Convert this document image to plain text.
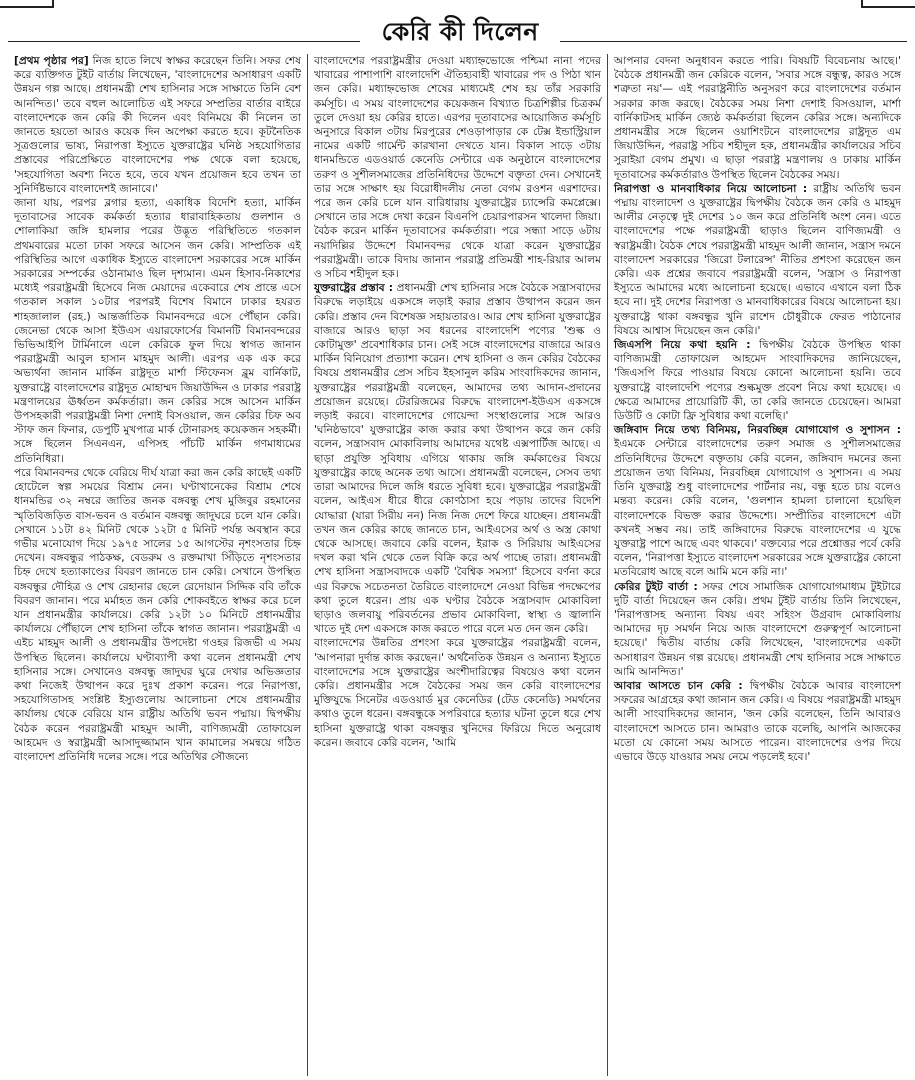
কেরি কী দিলেন

[প্রথম পৃষ্ঠার পর] নিজ হাতে লিখে স্বাক্ষর করেছেন তিনি। সফর শেষ করে ব্যক্তিগত টুইট বার্তায় লিখেছেন, 'বাংলাদেশের অসাধারণ একটি উন্নয়ন গল্প আছে। প্রধানমন্ত্রী শেখ হাসিনার সঙ্গে সাক্ষাতে তিনি বেশ আনন্দিত।' তবে বহুল আলোচিত এই সফরে সম্প্রতির বার্তার বাইরে বাংলাদেশকে জন কেরি কী দিলেন এবং বিনিময়ে কী নিলেন তা জানতে হয়তো আরও কয়েক দিন অপেক্ষা করতে হবে। কূটনৈতিক সূত্রগুলোর ভাষ্য, নিরাপত্তা ইস্যুতে যুক্তরাষ্ট্রের ঘনিষ্ঠ সহযোগিতার প্রস্তাবের পরিপ্রেক্ষিতে বাংলাদেশের পক্ষ থেকে বলা হয়েছে, 'সহযোগিতা অবশ্য নিতে হবে, তবে যখন প্রয়োজন হবে তখন তা সুনির্দিষ্টভাবে বাংলাদেশই জানাবে।'

জানা যায়, পরপর ব্লগার হত্যা, একাধিক বিদেশি হত্যা, মার্কিন দূতাবাসের সাবেক কর্মকর্তা হত্যার ধারাবাহিকতায় গুলশান ও শোলাকিয়া জঙ্গি হামলার পরের উদ্ভূত পরিস্থিতিতে গতকাল প্রথমবারের মতো ঢাকা সফরে আসেন জন কেরি। সাম্প্রতিক এই পরিস্থিতির আগে একাধিক ইস্যুতে বাংলাদেশ সরকারের সঙ্গে মার্কিন সরকারের সম্পর্কের ওঠানামাও ছিল দৃশ্যমান। এমন হিসাব-নিকাশের মধ্যেই পররাষ্ট্রমন্ত্রী হিসেবে নিজ মেয়াদের একেবারে শেষ প্রান্তে এসে গতকাল সকাল ১০টার পরপরই বিশেষ বিমানে ঢাকার হযরত শাহজালাল (রহ.) আন্তর্জাতিক বিমানবন্দরে এসে পৌঁছান কেরি। জেনেভা থেকে আসা ইউএস এয়ারফোর্সের বিমানটি বিমানবন্দরের ভিভিআইপি টার্মিনালে এলে কেরিকে ফুল দিয়ে স্বাগত জানান পররাষ্ট্রমন্ত্রী আবুল হাসান মাহমুদ আলী। এরপর এক এক করে অভ্যর্থনা জানান মার্কিন রাষ্ট্রদূত মার্শা স্টিফেনস ব্লুম বার্নিকাট, যুক্তরাষ্ট্রে বাংলাদেশের রাষ্ট্রদূত মোহাম্মদ জিয়াউদ্দিন ও ঢাকার পররাষ্ট্র মন্ত্রণালয়ের ঊর্ধ্বতন কর্মকর্তারা। জন কেরির সঙ্গে আসেন মার্কিন উপসহকারী পররাষ্ট্রমন্ত্রী নিশা দেশাই বিসওয়াল, জন কেরির চিফ অব স্টাফ জন ফিনার, ডেপুটি মুখপাত্র মার্ক টোনারসহ কয়েকজন সহকর্মী। সঙ্গে ছিলেন সিএনএন, এপিসহ পাঁচটি মার্কিন গণমাধ্যমের প্রতিনিধিরা।

পরে বিমানবন্দর থেকে বেরিয়ে দীর্ঘ যাত্রা করা জন কেরি কাছেই একটি হোটেলে স্বল্প সময়ের বিশ্রাম নেন। ঘণ্টাখানেকের বিশ্রাম শেষে ধানমন্ডির ৩২ নম্বরে জাতির জনক বঙ্গবন্ধু শেখ মুজিবুর রহমানের স্মৃতিবিজড়িত বাস-ভবন ও বর্তমান বঙ্গবন্ধু জাদুঘরে চলে যান কেরি। সেখানে ১১টা ৪২ মিনিট থেকে ১২টা ৫ মিনিট পর্যন্ত অবস্থান করে গভীর মনোযোগ দিয়ে ১৯৭৫ সালের ১৫ আগস্টের নৃশংসতার চিহ্ন দেখেন। বঙ্গবন্ধুর পাঠকক্ষ, বেডরুম ও রক্তমাখা সিঁড়িতে নৃশংসতার চিহ্ন দেখে হত্যাকাণ্ডের বিবরণ জানতে চান কেরি। সেখানে উপস্থিত বঙ্গবন্ধুর দৌহিত্র ও শেখ রেহানার ছেলে রেদোয়ান সিদ্দিক ববি তাঁকে বিবরণ জানান। পরে মর্মাহত জন কেরি শোকবইতে স্বাক্ষর করে চলে যান প্রধানমন্ত্রীর কার্যালয়ে। কেরি ১২টা ১০ মিনিটে প্রধানমন্ত্রীর কার্যালয়ে পৌঁছালে শেখ হাসিনা তাঁকে স্বাগত জানান। পররাষ্ট্রমন্ত্রী এ এইচ মাহমুদ আলী ও প্রধানমন্ত্রীর উপদেষ্টা গওহর রিজভী এ সময় উপস্থিত ছিলেন। কার্যালয়ে ঘণ্টাব্যাপী কথা বলেন প্রধানমন্ত্রী শেখ হাসিনার সঙ্গে। সেখানেও বঙ্গবন্ধু জাদুঘর ঘুরে দেখার অভিজ্ঞতার কথা নিজেই উত্থাপন করে দুঃখ প্রকাশ করেন। পরে নিরাপত্তা, সহযোগিতাসহ সংশ্লিষ্ট ইস্যুগুলোয় আলোচনা শেষে প্রধানমন্ত্রীর কার্যালয় থেকে বেরিয়ে যান রাষ্ট্রীয় অতিথি ভবন পদ্মায়। দ্বিপক্ষীয় বৈঠক করেন পররাষ্ট্রমন্ত্রী মাহমুদ আলী, বাণিজ্যমন্ত্রী তোফায়েল আহমেদ ও স্বরাষ্ট্রমন্ত্রী আসাদুজ্জামান খান কামালের সমন্বয়ে গঠিত বাংলাদেশ প্রতিনিধি দলের সঙ্গে। পরে অতিথির সৌজন্যে

বাংলাদেশের পররাষ্ট্রমন্ত্রীর দেওয়া মধ্যাহ্নভোজে পশ্চিমা নানা পদের খাবারের পাশাপাশি বাংলাদেশি ঐতিহ্যবাহী খাবারের পদ ও পিঠা খান জন কেরি। মধ্যাহ্নভোজ শেষের মাধ্যমেই শেষ হয় তাঁর সরকারি কর্মসূচি। এ সময় বাংলাদেশের কয়েকজন বিখ্যাত চিত্রশিল্পীর চিত্রকর্ম তুলে দেওয়া হয় কেরির হাতে। এরপর দূতাবাসের আয়োজিত কর্মসূচি অনুসারে বিকাল ৩টায় মিরপুরের শেওড়াপাড়ার কে টেক্স ইন্ডাস্ট্রিয়াল নামের একটি গার্মেন্ট কারখানা দেখতে যান। বিকাল সাড়ে ৩টায় ধানমন্ডিতে এডওয়ার্ড কেনেডি সেন্টারে এক অনুষ্ঠানে বাংলাদেশের তরুণ ও সুশীলসমাজের প্রতিনিধিদের উদ্দেশে বক্তৃতা দেন। সেখানেই তার সঙ্গে সাক্ষাৎ হয় বিরোধীদলীয় নেতা বেগম রওশন এরশাদের। পরে জন কেরি চলে যান বারিধারায় যুক্তরাষ্ট্রের চ্যান্সেরি কমপ্লেক্সে। সেখানে তার সঙ্গে দেখা করেন বিএনপি চেয়ারপারসন খালেদা জিয়া। বৈঠক করেন মার্কিন দূতাবাসের কর্মকর্তারা। পরে সন্ধ্যা সাড়ে ৬টায় নয়াদিল্লির উদ্দেশে বিমানবন্দর থেকে যাত্রা করেন যুক্তরাষ্ট্রের পররাষ্ট্রমন্ত্রী। তাকে বিদায় জানান পররাষ্ট্র প্রতিমন্ত্রী শাহ-রিয়ার আলম ও সচিব শহীদুল হক।

যুক্তরাষ্ট্রের প্রস্তাব : প্রধানমন্ত্রী শেখ হাসিনার সঙ্গে বৈঠকে সন্ত্রাসবাদের বিরুদ্ধে লড়াইয়ে একসঙ্গে লড়াই করার প্রস্তাব উত্থাপন করেন জন কেরি। প্রস্তাব দেন বিশেষজ্ঞ সহায়তারও। আর শেখ হাসিনা যুক্তরাষ্ট্রের বাজারে আরও ছাড়া সব ধরনের বাংলাদেশি পণ্যের 'শুল্ক ও কোটামুক্ত' প্রবেশাধিকার চান। সেই সঙ্গে বাংলাদেশের বাজারে আরও মার্কিন বিনিয়োগ প্রত্যাশা করেন। শেখ হাসিনা ও জন কেরির বৈঠকের বিষয়ে প্রধানমন্ত্রীর প্রেস সচিব ইহসানুল করিম সাংবাদিকদের জানান, যুক্তরাষ্ট্রের পররাষ্ট্রমন্ত্রী বলেছেন, আমাদের তথ্য আদান-প্রদানের প্রয়োজন রয়েছে। টেররিজমের বিরুদ্ধে বাংলাদেশ-ইউএস একসঙ্গে লড়াই করবে। বাংলাদেশের গোয়েন্দা সংস্থাগুলোর সঙ্গে আরও 'ঘনিষ্ঠভাবে' যুক্তরাষ্ট্রের কাজ করার কথা উত্থাপন করে জন কেরি বলেন, সন্ত্রাসবাদ মোকাবিলায় আমাদের যথেষ্ট এক্সপার্টিজ আছে। এ ছাড়া প্রযুক্তি সুবিধায় এগিয়ে থাকায় জঙ্গি কর্মকাণ্ডের বিষয়ে যুক্তরাষ্ট্রের কাছে অনেক তথ্য আসে। প্রধানমন্ত্রী বলেছেন, সেসব তথ্য তারা আমাদের দিলে জঙ্গি ধরতে সুবিধা হবে। যুক্তরাষ্ট্রের পররাষ্ট্রমন্ত্রী বলেন, আইএস ধীরে ধীরে কোণঠাসা হয়ে পড়ায় তাদের বিদেশি যোদ্ধারা (যারা সিরীয় নন) নিজ নিজ দেশে ফিরে যাচ্ছেন। প্রধানমন্ত্রী তখন জন কেরির কাছে জানতে চান, আইএসের অর্থ ও অস্ত্র কোথা থেকে আসছে। জবাবে কেরি বলেন, ইরাক ও সিরিয়ায় আইএসের দখল করা খনি থেকে তেল বিক্রি করে অর্থ পাচ্ছে তারা। প্রধানমন্ত্রী শেখ হাসিনা সন্ত্রাসবাদকে একটি 'বৈশ্বিক সমস্যা' হিসেবে বর্ণনা করে এর বিরুদ্ধে সচেতনতা তৈরিতে বাংলাদেশে নেওয়া বিভিন্ন পদক্ষেপের কথা তুলে ধরেন। প্রায় এক ঘণ্টার বৈঠকে সন্ত্রাসবাদ মোকাবিলা ছাড়াও জলবায়ু পরিবর্তনের প্রভাব মোকাবিলা, স্বাস্থ্য ও জ্বালানি খাতে দুই দেশ একসঙ্গে কাজ করতে পারে বলে মত দেন জন কেরি।

বাংলাদেশের উন্নতির প্রশংসা করে যুক্তরাষ্ট্রের পররাষ্ট্রমন্ত্রী বলেন, 'আপনারা দুর্দান্ত কাজ করছেন।' অর্থনৈতিক উন্নয়ন ও অন্যান্য ইস্যুতে বাংলাদেশের সঙ্গে যুক্তরাষ্ট্রের অংশীদারিত্বের বিষয়েও কথা বলেন কেরি। প্রধানমন্ত্রীর সঙ্গে বৈঠকের সময় জন কেরি বাংলাদেশের মুক্তিযুদ্ধে সিনেটর এডওয়ার্ড মুর কেনেডির (টেড কেনেডি) সমর্থনের কথাও তুলে ধরেন। বঙ্গবন্ধুকে সপরিবারে হত্যার ঘটনা তুলে ধরে শেখ হাসিনা যুক্তরাষ্ট্রে থাকা বঙ্গবন্ধুর খুনিদের ফিরিয়ে দিতে অনুরোধ করেন। জবাবে কেরি বলেন, 'আমি

আপনার বেদনা অনুধাবন করতে পারি। বিষয়টি বিবেচনায় আছে।' বৈঠকে প্রধানমন্ত্রী জন কেরিকে বলেন, 'সবার সঙ্গে বন্ধুত্ব, কারও সঙ্গে শত্রুতা নয়'— এই পররাষ্ট্রনীতি অনুসরণ করে বাংলাদেশের বর্তমান সরকার কাজ করছে। বৈঠকের সময় নিশা দেশাই বিসওয়াল, মার্শা বার্নিকাটসহ মার্কিন জ্যেষ্ঠ কর্মকর্তারা ছিলেন কেরির সঙ্গে। অন্যদিকে প্রধানমন্ত্রীর সঙ্গে ছিলেন ওয়াশিংটনে বাংলাদেশের রাষ্ট্রদূত এম জিয়াউদ্দিন, পররাষ্ট্র সচিব শহীদুল হক, প্রধানমন্ত্রীর কার্যালয়ের সচিব সুরাইয়া বেগম প্রমুখ। এ ছাড়া পররাষ্ট্র মন্ত্রণালয় ও ঢাকায় মার্কিন দূতাবাসের কর্মকর্তারাও উপস্থিত ছিলেন বৈঠকের সময়।

নিরাপত্তা ও মানবাধিকার নিয়ে আলোচনা : রাষ্ট্রীয় অতিথি ভবন পদ্মায় বাংলাদেশ ও যুক্তরাষ্ট্রের দ্বিপক্ষীয় বৈঠকে জন কেরি ও মাহমুদ আলীর নেতৃত্বে দুই দেশের ১০ জন করে প্রতিনিধি অংশ নেন। এতে বাংলাদেশের পক্ষে পররাষ্ট্রমন্ত্রী ছাড়াও ছিলেন বাণিজ্যমন্ত্রী ও স্বরাষ্ট্রমন্ত্রী। বৈঠক শেষে পররাষ্ট্রমন্ত্রী মাহমুদ আলী জানান, সন্ত্রাস দমনে বাংলাদেশ সরকারের 'জিরো টলারেন্স' নীতির প্রশংসা করেছেন জন কেরি। এক প্রশ্নের জবাবে পররাষ্ট্রমন্ত্রী বলেন, 'সন্ত্রাস ও নিরাপত্তা ইস্যুতে আমাদের মধ্যে আলোচনা হয়েছে। এভাবে এখানে বলা ঠিক হবে না। দুই দেশের নিরাপত্তা ও মানবাধিকারের বিষয়ে আলোচনা হয়। যুক্তরাষ্ট্রে থাকা বঙ্গবন্ধুর খুনি রাশেদ চৌধুরীকে ফেরত পাঠানোর বিষয়ে আশ্বাস দিয়েছেন জন কেরি।'

জিএসপি নিয়ে কথা হয়নি : দ্বিপক্ষীয় বৈঠকে উপস্থিত থাকা বাণিজ্যমন্ত্রী তোফায়েল আহমেদ সাংবাদিকদের জানিয়েছেন, 'জিএসপি ফিরে পাওয়ার বিষয়ে কোনো আলোচনা হয়নি। তবে যুক্তরাষ্ট্রে বাংলাদেশি পণ্যের শুল্কমুক্ত প্রবেশ নিয়ে কথা হয়েছে। এ ক্ষেত্রে আমাদের প্রায়োরিটি কী, তা কেরি জানতে চেয়েছেন। আমরা ডিউটি ও কোটা ফ্রি সুবিধার কথা বলেছি।'

জঙ্গিবাদ নিয়ে তথ্য বিনিময়, নিরবচ্ছিন্ন যোগাযোগ ও সুশাসন : ইএমকে সেন্টারে বাংলাদেশের তরুণ সমাজ ও সুশীলসমাজের প্রতিনিধিদের উদ্দেশে বক্তৃতায় কেরি বলেন, জঙ্গিবাদ দমনের জন্য প্রয়োজন তথ্য বিনিময়, নিরবচ্ছিন্ন যোগাযোগ ও সুশাসন। এ সময় তিনি যুক্তরাষ্ট্র শুধু বাংলাদেশের পার্টনার নয়, বন্ধু হতে চায় বলেও মন্তব্য করেন। কেরি বলেন, 'গুলশান হামলা চালানো হয়েছিল বাংলাদেশকে বিভক্ত করার উদ্দেশ্যে। সম্প্রীতির বাংলাদেশে এটা কখনই সম্ভব নয়। তাই জঙ্গিবাদের বিরুদ্ধে বাংলাদেশের এ যুদ্ধে যুক্তরাষ্ট্র পাশে আছে এবং থাকবে।' বক্তব্যের পরে প্রশ্নোত্তর পর্বে কেরি বলেন, 'নিরাপত্তা ইস্যুতে বাংলাদেশ সরকারের সঙ্গে যুক্তরাষ্ট্রের কোনো মতবিরোধ আছে বলে আমি মনে করি না।'

কেরির টুইট বার্তা : সফর শেষে সামাজিক যোগাযোগমাধ্যম টুইটারে দুটি বার্তা দিয়েছেন জন কেরি। প্রথম টুইট বার্তায় তিনি লিখেছেন, 'নিরাপত্তাসহ অন্যান্য বিষয় এবং সহিংস উগ্রবাদ মোকাবিলায় আমাদের দৃঢ় সমর্থন নিয়ে আজ বাংলাদেশে গুরুত্বপূর্ণ আলোচনা হয়েছে।' দ্বিতীয় বার্তায় কেরি লিখেছেন, 'বাংলাদেশের একটা অসাধারণ উন্নয়ন গল্প রয়েছে। প্রধানমন্ত্রী শেখ হাসিনার সঙ্গে সাক্ষাতে আমি আনন্দিত।'

আবার আসতে চান কেরি : দ্বিপক্ষীয় বৈঠকে আবার বাংলাদেশ সফরের আগ্রহের কথা জানান জন কেরি। এ বিষয়ে পররাষ্ট্রমন্ত্রী মাহমুদ আলী সাংবাদিকদের জানান, 'জন কেরি বলেছেন, তিনি আবারও বাংলাদেশে আসতে চান। আমরাও তাকে বলেছি, আপনি আজকের মতো যে কোনো সময় আসতে পারেন। বাংলাদেশের ওপর দিয়ে এভাবে উড়ে যাওয়ার সময় নেমে পড়লেই হবে।'
